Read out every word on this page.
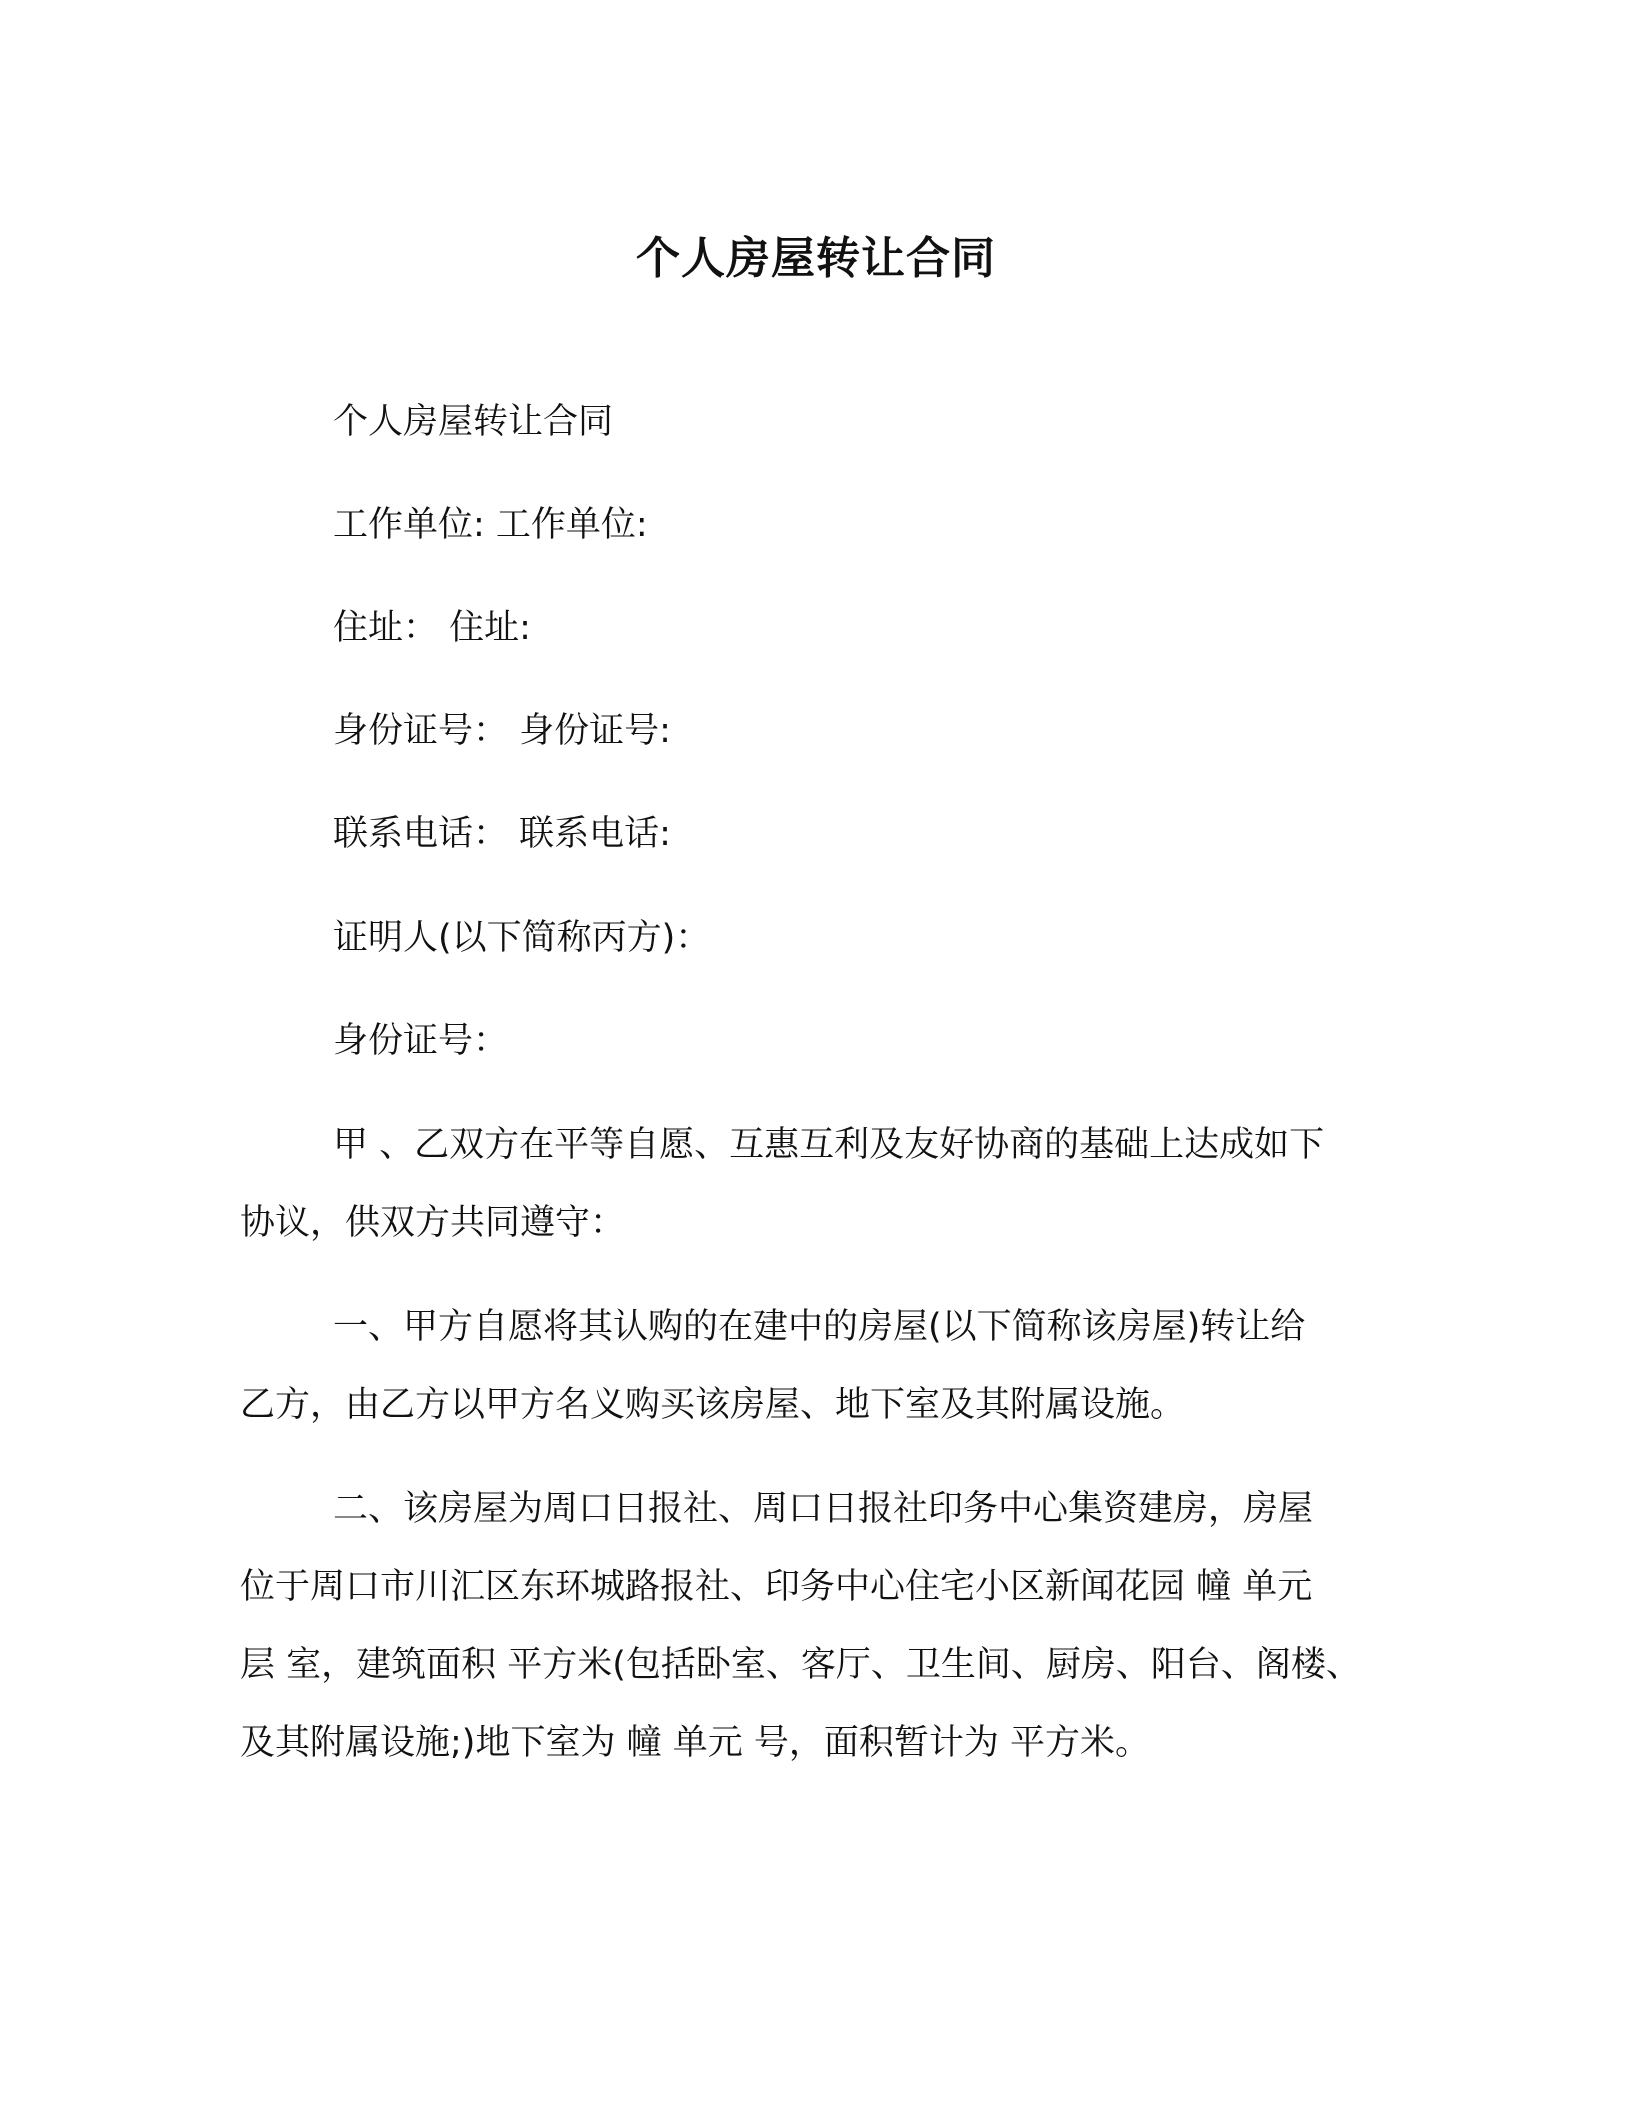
个人房屋转让合同
个人房屋转让合同
工作单位: 工作单位:
住址： 住址:
身份证号： 身份证号:
联系电话： 联系电话:
证明人(以下简称丙方)：
身份证号：
甲 、乙双方在平等自愿、互惠互利及友好协商的基础上达成如下
协议，供双方共同遵守：
一、甲方自愿将其认购的在建中的房屋(以下简称该房屋)转让给
乙方，由乙方以甲方名义购买该房屋、地下室及其附属设施。
二、该房屋为周口日报社、周口日报社印务中心集资建房，房屋
位于周口市川汇区东环城路报社、印务中心住宅小区新闻花园 幢 单元
层 室，建筑面积 平方米(包括卧室、客厅、卫生间、厨房、阳台、阁楼、
及其附属设施;)地下室为 幢 单元 号，面积暂计为 平方米。
